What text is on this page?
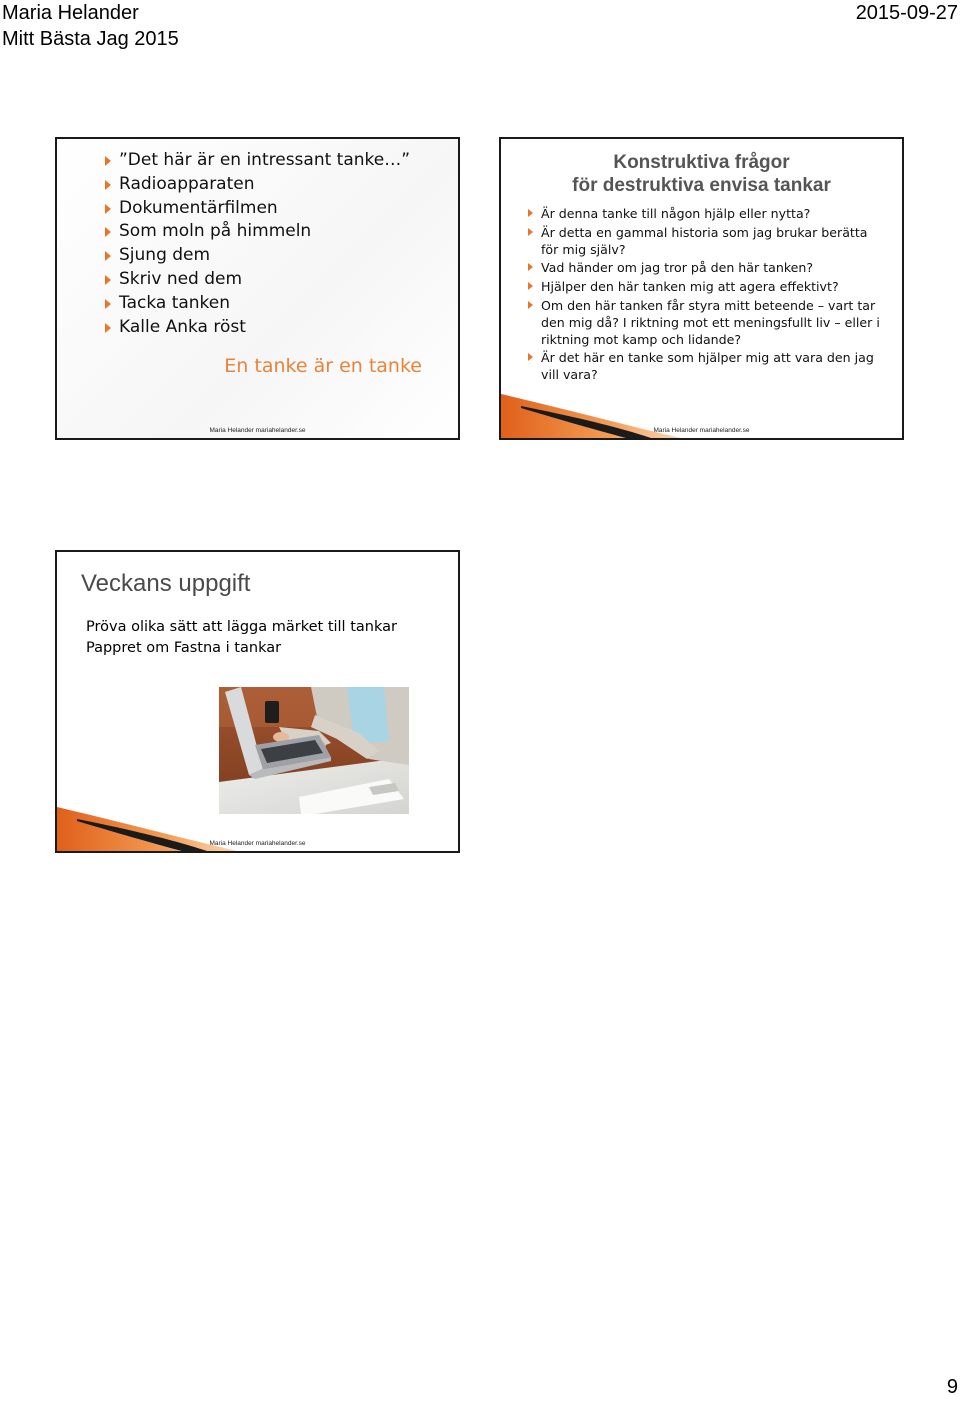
Maria Helander
Mitt Bästa Jag 2015
2015-09-27
”Det här är en intressant tanke…”
Radioapparaten
Dokumentärfilmen
Som moln på himmeln
Sjung dem
Skriv ned dem
Tacka tanken
Kalle Anka röst
En tanke är en tanke
Maria Helander mariahelander.se
Konstruktiva frågor
för destruktiva envisa tankar
Är denna tanke till någon hjälp eller nytta?
Är detta en gammal historia som jag brukar berätta för mig själv?
Vad händer om jag tror på den här tanken?
Hjälper den här tanken mig att agera effektivt?
Om den här tanken får styra mitt beteende – vart tar den mig då? I riktning mot ett meningsfullt liv – eller i riktning mot kamp och lidande?
Är det här en tanke som hjälper mig att vara den jag vill vara?
Maria Helander mariahelander.se
Veckans uppgift
Pröva olika sätt att lägga märket till tankar
Pappret om Fastna i tankar
Maria Helander mariahelander.se
9
